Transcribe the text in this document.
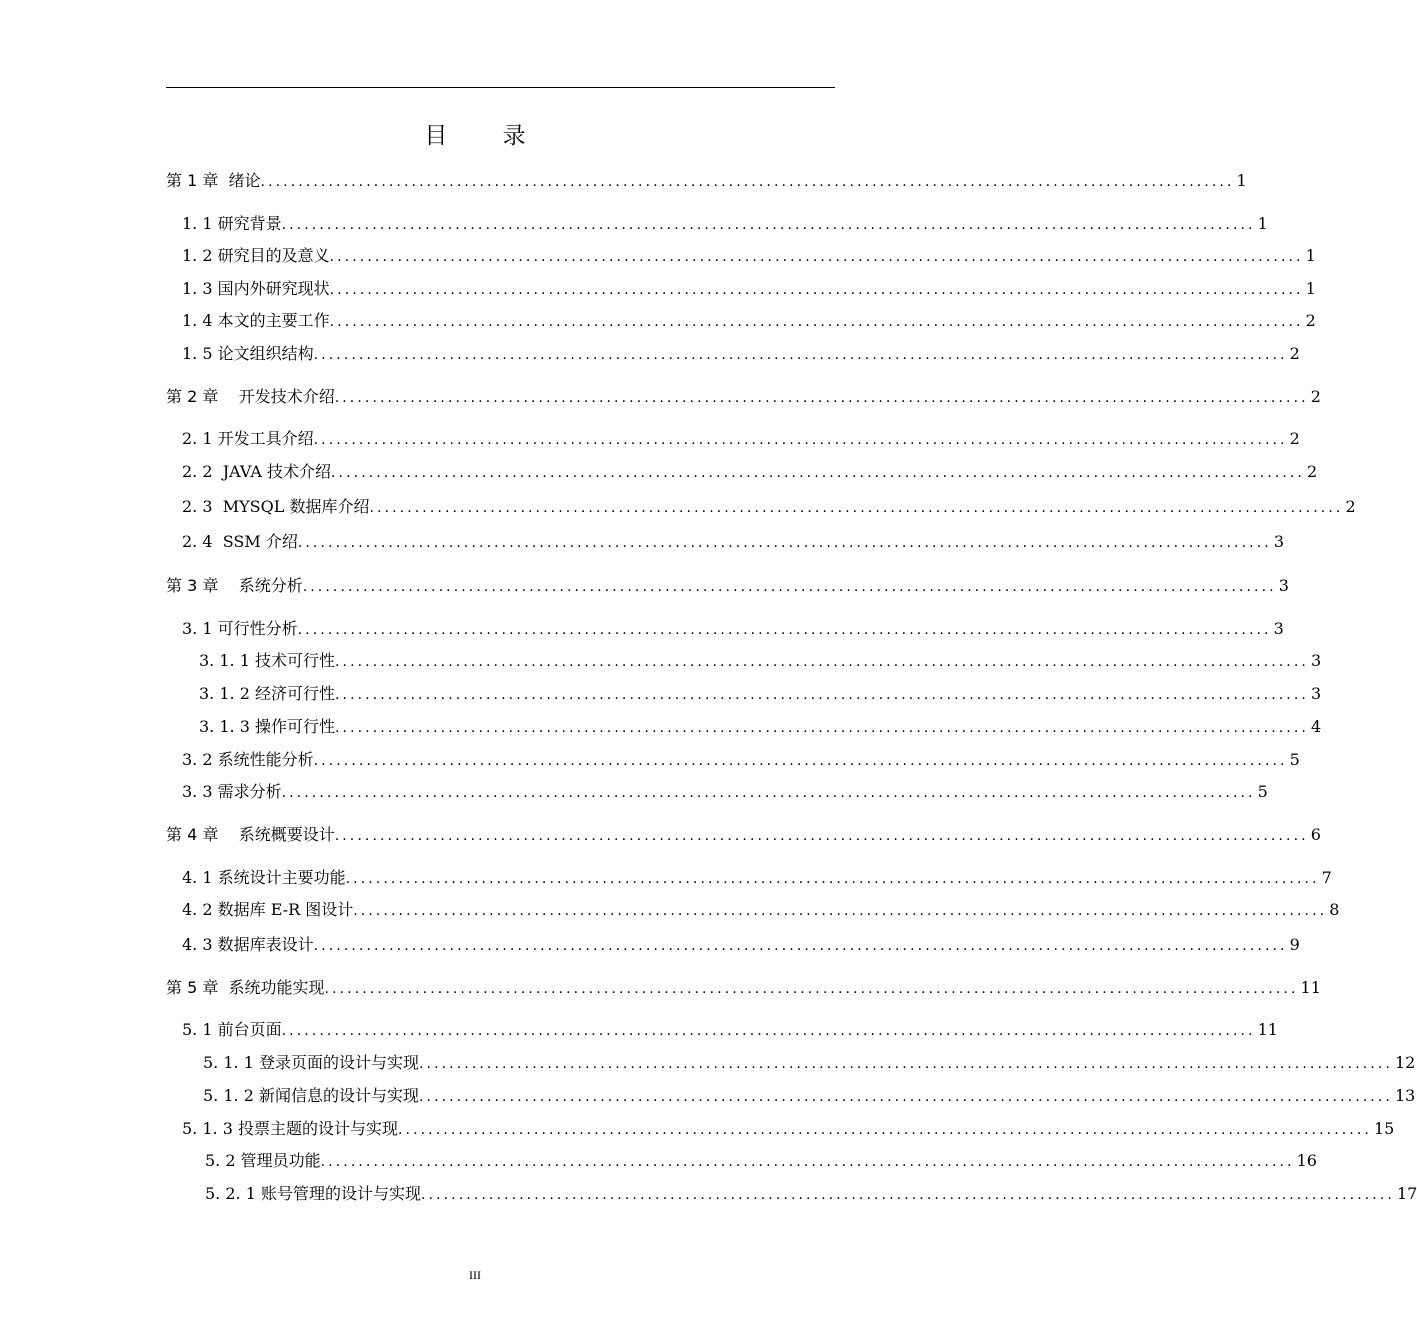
目 录
第 1 章  绪论 ................................................................................................................................. 1
1. 1 研究背景 ................................................................................................................................. 1
1. 2 研究目的及意义 ................................................................................................................................. 1
1. 3 国内外研究现状 ................................................................................................................................. 1
1. 4 本文的主要工作 ................................................................................................................................. 2
1. 5 论文组织结构 ................................................................................................................................. 2
第 2 章    开发技术介绍 ................................................................................................................................. 2
2. 1 开发工具介绍 ................................................................................................................................. 2
2. 2  JAVA 技术介绍 ................................................................................................................................. 2
2. 3  MYSQL 数据库介绍 ................................................................................................................................. 2
2. 4  SSM 介绍 ................................................................................................................................. 3
第 3 章    系统分析 ................................................................................................................................. 3
3. 1 可行性分析 ................................................................................................................................. 3
3. 1. 1 技术可行性 ................................................................................................................................. 3
3. 1. 2 经济可行性 ................................................................................................................................. 3
3. 1. 3 操作可行性 ................................................................................................................................. 4
3. 2 系统性能分析 ................................................................................................................................. 5
3. 3 需求分析 ................................................................................................................................. 5
第 4 章    系统概要设计 ................................................................................................................................. 6
4. 1 系统设计主要功能 ................................................................................................................................. 7
4. 2 数据库 E-R 图设计 ................................................................................................................................. 8
4. 3 数据库表设计 ................................................................................................................................. 9
第 5 章  系统功能实现 ................................................................................................................................. 11
5. 1 前台页面 ................................................................................................................................. 11
5. 1. 1 登录页面的设计与实现 ................................................................................................................................. 12
5. 1. 2 新闻信息的设计与实现 ................................................................................................................................. 13
5. 1. 3 投票主题的设计与实现 ................................................................................................................................. 15
5. 2 管理员功能 ................................................................................................................................. 16
5. 2. 1 账号管理的设计与实现 ................................................................................................................................. 17
III
